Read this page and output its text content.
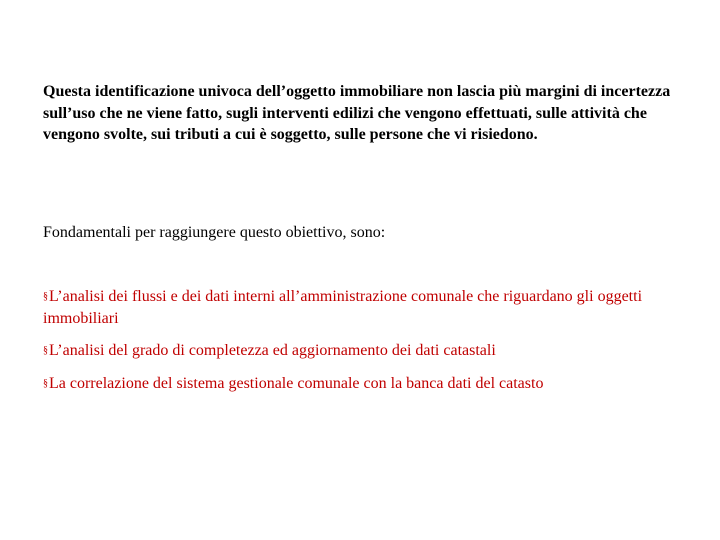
Questa identificazione univoca dell’oggetto immobiliare non lascia più margini di incertezza sull’uso che ne viene fatto, sugli interventi edilizi che vengono effettuati, sulle attività che vengono svolte, sui tributi a cui è soggetto, sulle persone che vi risiedono.

Fondamentali per raggiungere questo obiettivo, sono:

§L’analisi dei flussi e dei dati interni all’amministrazione comunale che riguardano gli oggetti immobiliari
§L’analisi del grado di completezza ed aggiornamento dei dati catastali
§La correlazione del sistema gestionale comunale con la banca dati del catasto
